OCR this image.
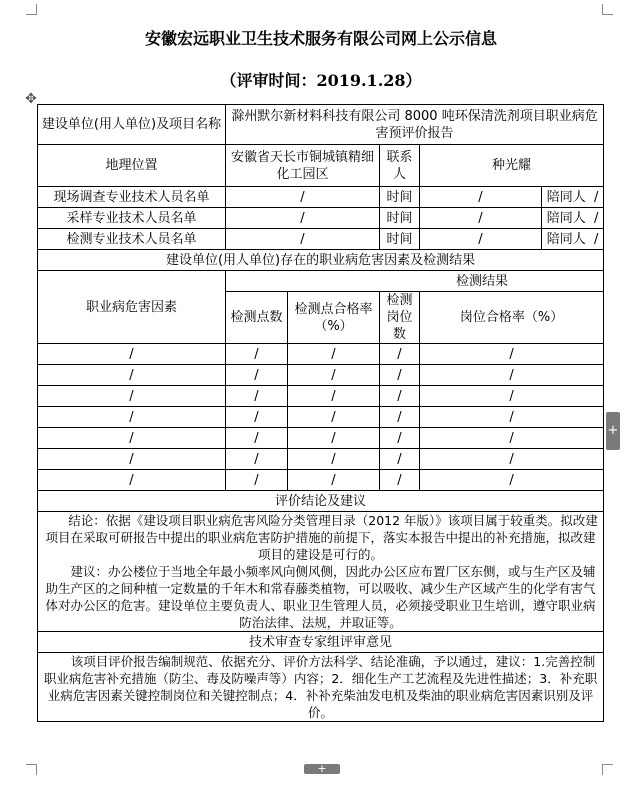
安徽宏远职业卫生技术服务有限公司网上公示信息
（评审时间：2019.1.28）
✥
建设单位(用人单位)及项目名称	滁州默尔新材料科技有限公司 8000 吨环保清洗剂项目职业病危害预评价报告				
地理位置	安徽省天长市铜城镇精细化工园区		联系人	种光耀	
现场调查专业技术人员名单	/		时间	/	陪同人 /
采样专业技术人员名单	/		时间	/	陪同人 /
检测专业技术人员名单	/		时间	/	陪同人 /
建设单位(用人单位)存在的职业病危害因素及检测结果					
职业病危害因素	检测结果				
	检测点数	检测点合格率（%）	检测岗位数	岗位合格率（%）	
/	/	/	/	/	
/	/	/	/	/	
/	/	/	/	/	
/	/	/	/	/	
/	/	/	/	/	
/	/	/	/	/	
/	/	/	/	/	
评价结论及建议					

结论：依据《建设项目职业病危害风险分类管理目录（2012 年版）》该项目属于较重类。拟改建项目在采取可研报告中提出的职业病危害防护措施的前提下，落实本报告中提出的补充措施，拟改建项目的建设是可行的。

建议：办公楼位于当地全年最小频率风向侧风侧，因此办公区应布置厂区东侧，或与生产区及辅助生产区的之间种植一定数量的千年木和常春藤类植物，可以吸收、减少生产区域产生的化学有害气体对办公区的危害。建设单位主要负责人、职业卫生管理人员，必须接受职业卫生培训，遵守职业病防治法律、法规，并取证等。					

技术审查专家组评审意见					

该项目评价报告编制规范、依据充分、评价方法科学、结论准确，予以通过，建议：1.完善控制职业病危害补充措施（防尘、毒及防噪声等）内容；2．细化生产工艺流程及先进性描述；3．补充职业病危害因素关键控制岗位和关键控制点；4．补补充柴油发电机及柴油的职业病危害因素识别及评价。					

+
+
